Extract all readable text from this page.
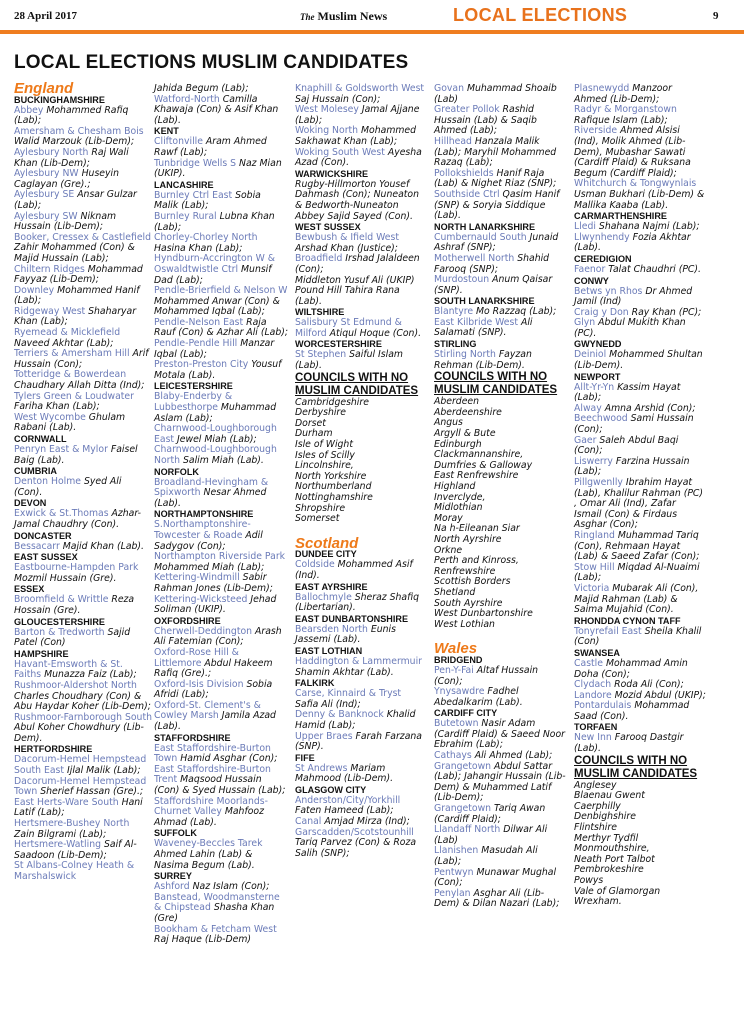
28 April 2017	The Muslim News	LOCAL ELECTIONS	9
LOCAL ELECTIONS MUSLIM CANDIDATES

England

BUCKINGHAMSHIRE

Abbey Mohammed Rafiq (Lab);

Amersham & Chesham Bois Walid Marzouk (Lib-Dem);

Aylesbury North Raj Wali Khan (Lib-Dem);

Aylesbury NW Huseyin Caglayan (Gre).;

Aylesbury SE Ansar Gulzar (Lab);

Aylesbury SW Niknam Hussain (Lib-Dem);

Booker, Cressex & Castlefield Zahir Mohammed (Con) & Majid Hussain (Lab);

Chiltern Ridges Mohammad Fayyaz (Lib-Dem);

Downley Mohammed Hanif (Lab);

Ridgeway West Shaharyar Khan (Lab);

Ryemead & Micklefield Naveed Akhtar (Lab);

Terriers & Amersham Hill Arif Hussain (Con);

Totteridge & Bowerdean Chaudhary Allah Ditta (Ind);

Tylers Green & Loudwater Fariha Khan (Lab);

West Wycombe Ghulam Rabani (Lab).

CORNWALL

Penryn East & Mylor Faisel Baig (Lab).

CUMBRIA

Denton Holme Syed Ali (Con).

DEVON

Exwick & St.Thomas Azhar-Jamal Chaudhry (Con).

DONCASTER

Bessacarr Majid Khan (Lab).

EAST SUSSEX

Eastbourne-Hampden Park Mozmil Hussain (Gre).

ESSEX

Broomfield & Writtle Reza Hossain (Gre).

GLOUCESTERSHIRE

Barton & Tredworth Sajid Patel (Con)

HAMPSHIRE

Havant-Emsworth & St. Faiths Munazza Faiz (Lab);

Rushmoor-Aldershot North Charles Choudhary (Con) & Abu Haydar Koher (Lib-Dem);

Rushmoor-Farnborough South Abul Koher Chowdhury (Lib-Dem).

HERTFORDSHIRE

Dacorum-Hemel Hempstead South East Ijlal Malik (Lab);

Dacorum-Hemel Hempstead Town Sherief Hassan (Gre).;

East Herts-Ware South Hani Latif (Lab);

Hertsmere-Bushey North Zain Bilgrami (Lab);

Hertsmere-Watling Saif Al-Saadoon (Lib-Dem);

St Albans-Colney Heath & Marshalswick

Jahida Begum (Lab);

Watford-North Camilla Khawaja (Con) & Asif Khan (Lab).

KENT

Cliftonville Aram Ahmed Rawf (Lab);

Tunbridge Wells S Naz Mian (UKIP).

LANCASHIRE

Burnley Ctrl East Sobia Malik (Lab);

Burnley Rural Lubna Khan (Lab);

Chorley-Chorley North Hasina Khan (Lab);

Hyndburn-Accrington W & Oswaldtwistle Ctrl Munsif Dad (Lab);

Pendle-Brierfield & Nelson W Mohammed Anwar (Con) & Mohammed Iqbal (Lab);

Pendle-Nelson East Raja Rauf (Con) & Azhar Ali (Lab);

Pendle-Pendle Hill Manzar Iqbal (Lab);

Preston-Preston City Yousuf Motala (Lab).

LEICESTERSHIRE

Blaby-Enderby & Lubbesthorpe Muhammad Aslam (Lab);

Charnwood-Loughborough East Jewel Miah (Lab);

Charnwood-Loughborough North Salim Miah (Lab).

NORFOLK

Broadland-Hevingham & Spixworth Nesar Ahmed (Lab).

NORTHAMPTONSHIRE

S.Northamptonshire-Towcester & Roade Adil Sadygov (Con);

Northampton Riverside Park Mohammed Miah (Lab);

Kettering-Windmill Sabir Rahman Jones (Lib-Dem);

Kettering-Wicksteed Jehad Soliman (UKIP).

OXFORDSHIRE

Cherwell-Deddington Arash Ali Fatemian (Con);

Oxford-Rose Hill & Littlemore Abdul Hakeem Rafiq (Gre).;

Oxford-Isis Division Sobia Afridi (Lab);

Oxford-St. Clement's & Cowley Marsh Jamila Azad (Lab).

STAFFORDSHIRE

East Staffordshire-Burton Town Hamid Asghar (Con);

East Staffordshire-Burton Trent Maqsood Hussain (Con) & Syed Hussain (Lab);

Staffordshire Moorlands-Churnet Valley Mahfooz Ahmad (Lab).

SUFFOLK

Waveney-Beccles Tarek Ahmed Lahin (Lab) & Nasima Begum (Lab).

SURREY

Ashford Naz Islam (Con);

Banstead, Woodmansterne & Chipstead Shasha Khan (Gre)

Bookham & Fetcham West Raj Haque (Lib-Dem)

Knaphill & Goldsworth West Saj Hussain (Con);

West Molesey Jamal Ajjane (Lab);

Woking North Mohammed Sakhawat Khan (Lab);

Woking South West Ayesha Azad (Con).

WARWICKSHIRE

Rugby-Hillmorton Yousef Dahmash (Con); Nuneaton & Bedworth-Nuneaton Abbey Sajid Sayed (Con).

WEST SUSSEX

Bewbush & Ifield West Arshad Khan (Justice);

Broadfield Irshad Jalaldeen (Con);

Middleton Yusuf Ali (UKIP) Pound Hill Tahira Rana (Lab).

WILTSHIRE

Salisbury St Edmund & Milford Atiqul Hoque (Con).

WORCESTERSHIRE

St Stephen Saiful Islam (Lab).

COUNCILS WITH NO MUSLIM CANDIDATES

Cambridgeshire

Derbyshire

Dorset

Durham

Isle of Wight

Isles of Scilly

Lincolnshire,

North Yorkshire

Northumberland

Nottinghamshire

Shropshire

Somerset

Scotland

DUNDEE CITY

Coldside Mohammed Asif (Ind).

EAST AYRSHIRE

Ballochmyle Sheraz Shafiq (Libertarian).

EAST DUNBARTONSHIRE

Bearsden North Eunis Jassemi (Lab).

EAST LOTHIAN

Haddington & Lammermuir Shamin Akhtar (Lab).

FALKIRK

Carse, Kinnaird & Tryst Safia Ali (Ind);

Denny & Banknock Khalid Hamid (Lab);

Upper Braes Farah Farzana (SNP).

FIFE

St Andrews Mariam Mahmood (Lib-Dem).

GLASGOW CITY

Anderston/City/Yorkhill Faten Hameed (Lab);

Canal Amjad Mirza (Ind);

Garscadden/Scotstounhill Tariq Parvez (Con) & Roza Salih (SNP);

Govan Muhammad Shoaib (Lab)

Greater Pollok Rashid Hussain (Lab) & Saqib Ahmed (Lab);

Hillhead Hanzala Malik (Lab); Maryhil Mohammed Razaq (Lab);

Pollokshields Hanif Raja (Lab) & Nighet Riaz (SNP);

Southside Ctrl Qasim Hanif (SNP) & Soryia Siddique (Lab).

NORTH LANARKSHIRE

Cumbernauld South Junaid Ashraf (SNP);

Motherwell North Shahid Farooq (SNP);

Murdostoun Anum Qaisar (SNP).

SOUTH LANARKSHIRE

Blantyre Mo Razzaq (Lab);

East Kilbride West Ali Salamati (SNP).

STIRLING

Stirling North Fayzan Rehman (Lib-Dem).

COUNCILS WITH NO MUSLIM CANDIDATES

Aberdeen

Aberdeenshire

Angus

Argyll & Bute

Edinburgh

Clackmannanshire,

Dumfries & Galloway

East Renfrewshire

Highland

Inverclyde,

Midlothian

Moray

Na h-Eileanan Siar

North Ayrshire

Orkne

Perth and Kinross,

Renfrewshire

Scottish Borders

Shetland

South Ayrshire

West Dunbartonshire

West Lothian

Wales

BRIDGEND

Pen-Y-Fai Altaf Hussain (Con);

Ynysawdre Fadhel Abedalkarim (Lab).

CARDIFF CITY

Butetown Nasir Adam (Cardiff Plaid) & Saeed Noor Ebrahim (Lab);

Cathays Ali Ahmed (Lab);

Grangetown Abdul Sattar (Lab); Jahangir Hussain (Lib-Dem) & Muhammed Latif (Lib-Dem);

Grangetown Tariq Awan (Cardiff Plaid);

Llandaff North Dilwar Ali (Lab)

Llanishen Masudah Ali (Lab);

Pentwyn Munawar Mughal (Con);

Penylan Asghar Ali (Lib-Dem) & Dilan Nazari (Lab);

Plasnewydd Manzoor Ahmed (Lib-Dem);

Radyr & Morganstown Rafique Islam (Lab);

Riverside Ahmed Alsisi (Ind), Molik Ahmed (Lib-Dem), Mubashar Sawati (Cardiff Plaid) & Ruksana Begum (Cardiff Plaid);

Whitchurch & Tongwynlais Usman Bukhari (Lib-Dem) & Mallika Kaaba (Lab).

CARMARTHENSHIRE

Lledi Shahana Najmi (Lab);

Llwynhendy Fozia Akhtar (Lab).

CEREDIGION

Faenor Talat Chaudhri (PC).

CONWY

Betws yn Rhos Dr Ahmed Jamil (Ind)

Craig y Don Ray Khan (PC);

Glyn Abdul Mukith Khan (PC).

GWYNEDD

Deiniol Mohammed Shultan (Lib-Dem).

NEWPORT

Allt-Yr-Yn Kassim Hayat (Lab);

Alway Amna Arshid (Con);

Beechwood Sami Hussain (Con);

Gaer Saleh Abdul Baqi (Con);

Liswerry Farzina Hussain (Lab);

Pillgwenlly Ibrahim Hayat (Lab), Khalilur Rahman (PC) , Omar Ali (Ind), Zafar Ismail (Con) & Firdaus Asghar (Con);

Ringland Muhammad Tariq (Con), Rehmaan Hayat (Lab) & Saeed Zafar (Con);

Stow Hill Miqdad Al-Nuaimi (Lab);

Victoria Mubarak Ali (Con), Majid Rahman (Lab) & Saima Mujahid (Con).

RHONDDA CYNON TAFF

Tonyrefail East Sheila Khalil (Con)

SWANSEA

Castle Mohammad Amin Doha (Con);

Clydach Roda Ali (Con);

Landore Mozid Abdul (UKIP);

Pontardulais Mohammad Saad (Con).

TORFAEN

New Inn Farooq Dastgir (Lab).

COUNCILS WITH NO MUSLIM CANDIDATES

Anglesey

Blaenau Gwent

Caerphilly

Denbighshire

Flintshire

Merthyr Tydfil

Monmouthshire,

Neath Port Talbot

Pembrokeshire

Powys

Vale of Glamorgan

Wrexham.
